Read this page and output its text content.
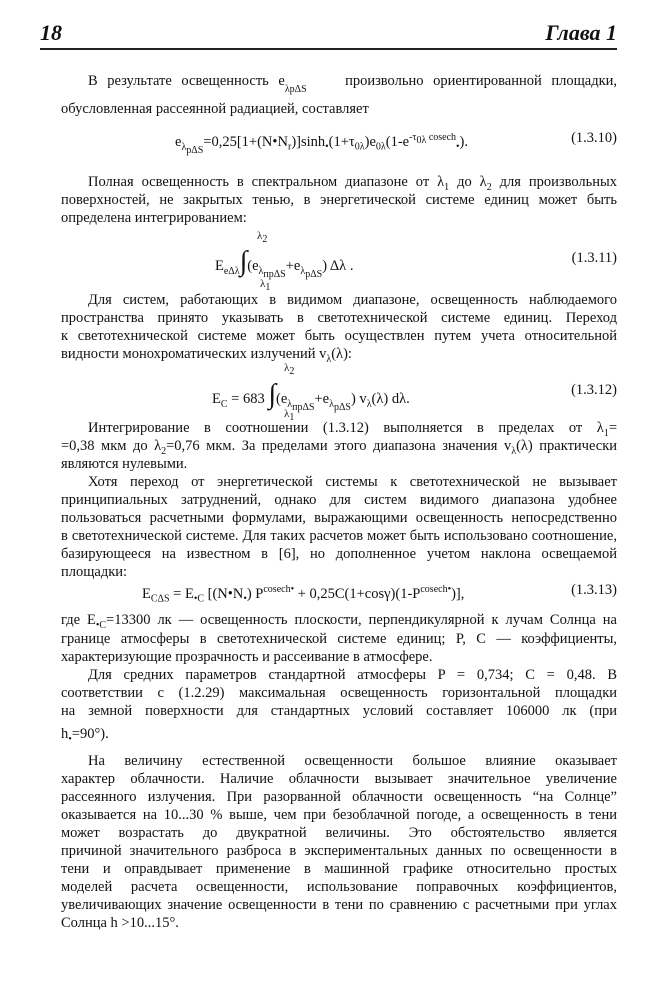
18	Глава 1
В результате освещенность $e_{_{\lambda p\Delta S}}$    произвольно ориентированной площадки,
обусловленная рассеянной радиацией, составляет
$e_{\lambda_{p\Delta S}}=0,25[1+(N•N_r)]\sinh_•(1+\tau_{0\lambda})e_{0\lambda}(1-e^{-\tau_{0\lambda} cosech}_•)$.	(1.3.10)
Полная освещенность в спектральном диапазоне от $\lambda_1$ до $\lambda_2$ для произвольных
поверхностей, не закрытых тенью, в энергетической системе единиц может быть
определена интегрированием:
$E_{e\Delta\lambda}\int(e_{\lambda_{пр\Delta S}}+e_{\lambda_{p\Delta S}})$ Δλ .
$\lambda_2$
$\lambda_1$
(1.3.11)
Для систем, работающих в видимом диапазоне, освещенность наблюдаемого
пространства принято указывать в светотехнической системе единиц. Переход
к светотехнической системе может быть осуществлен путем учета относительной
видности монохроматических излучений $v_\lambda(\lambda)$:
$E_C = 683$ $\int(e_{\lambda_{пр\Delta S}}+e_{\lambda_{p\Delta S}})$ $v_\lambda(\lambda)$ dλ.
$\lambda_2$
$\lambda_1$
(1.3.12)
Интегрирование в соотношении (1.3.12) выполняется в пределах от $\lambda_1=$
=0,38 мкм до $\lambda_2=0,76$ мкм. За пределами этого диапазона значения $v_\lambda(\lambda)$ практически
являются нулевыми.
Хотя переход от энергетической системы к светотехнической не вызывает
принципиальных затруднений, однако для систем видимого диапазона удобнее
пользоваться расчетными формулами, выражающими освещенность непосредственно
в светотехнической системе. Для таких расчетов может быть использовано соотношение,
базирующееся на известном в [6], но дополненное учетом наклона освещаемой
площадки:
$E_{C\Delta S} = E_{•C}$ $[(N•N_•) P^{cosech•} + 0,25C(1+\cos\gamma)(1-P^{cosech•})]$,	(1.3.13)
где $E_{•C}=13300$ лк — освещенность плоскости, перпендикулярной к лучам Солнца на
границе атмосферы в светотехнической системе единиц; P, C — коэффициенты,
характеризующие прозрачность и рассеивание в атмосфере.
Для средних параметров стандартной атмосферы P = 0,734; C = 0,48. В
соответствии с (1.2.29) максимальная освещенность горизонтальной площадки
на земной поверхности для стандартных условий составляет 106000 лк (при
$h_•=90^\circ$).
На величину естественной освещенности большое влияние оказывает
характер облачности. Наличие облачности вызывает значительное увеличение
рассеянного излучения. При разорванной облачности освещенность “на Солнце”
оказывается на 10...30 % выше, чем при безоблачной погоде, а освещенность в тени
может возрастать до двукратной величины. Это обстоятельство является
причиной значительного разброса в экспериментальных данных по освещенности в
тени и оправдывает применение в машинной графике относительно простых
моделей расчета освещенности, использование поправочных коэффициентов,
увеличивающих значение освещенности в тени по сравнению с расчетными при углах
Солнца h >10...15°.
